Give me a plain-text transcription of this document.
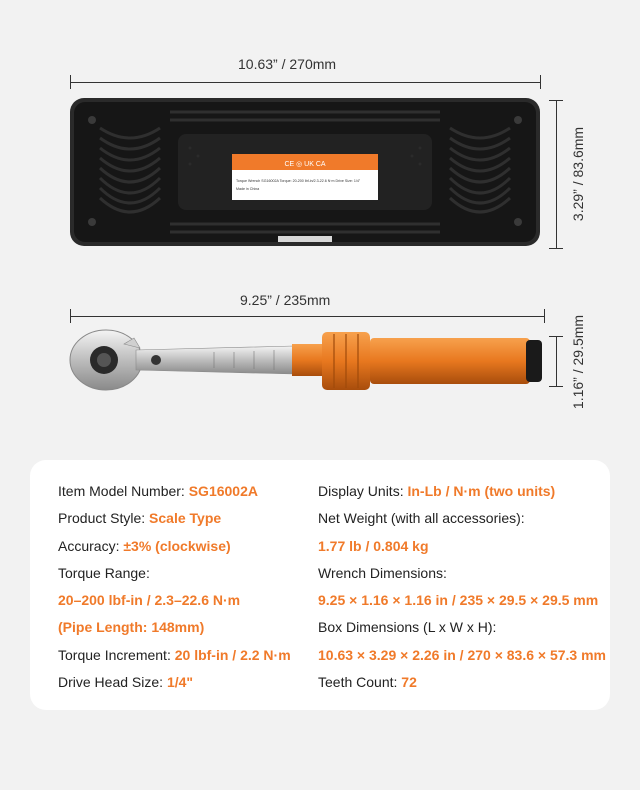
10.63” / 270mm
3.29” / 83.6mm
CE ◎ UK CA
Torque Wrench SG16002A Torque: 20-200 lbf-in/2.3-22.6 N·m Drive Size: 1/4"
Made in China
9.25” / 235mm
1.16” / 29.5mm
Item Model Number: SG16002A
Product Style: Scale Type
Accuracy: ±3% (clockwise)
Torque Range:
20–200 lbf-in / 2.3–22.6 N·m
(Pipe Length: 148mm)
Torque Increment: 20 lbf-in / 2.2 N·m
Drive Head Size: 1/4"
Display Units: In-Lb / N·m (two units)
Net Weight (with all accessories):
1.77 lb / 0.804 kg
Wrench Dimensions:
9.25 × 1.16 × 1.16 in / 235 × 29.5 × 29.5 mm
Box Dimensions (L x W x H):
10.63 × 3.29 × 2.26 in / 270 × 83.6 × 57.3 mm
Teeth Count: 72
